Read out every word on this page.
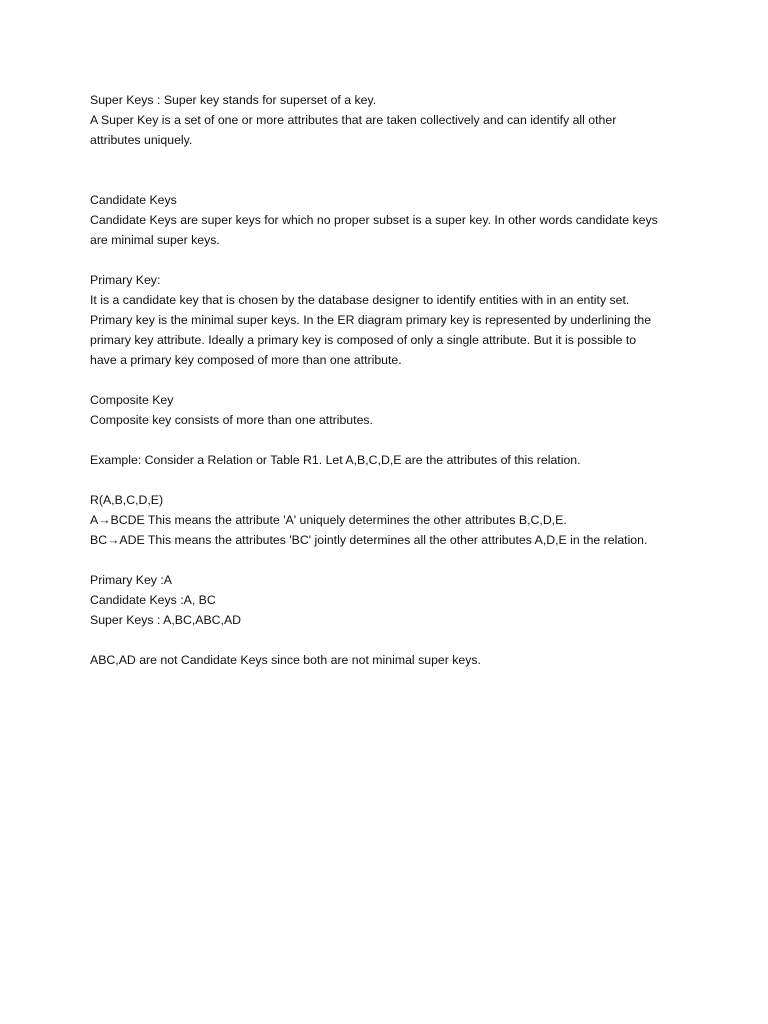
Super Keys : Super key stands for superset of a key.
A Super Key is a set of one or more attributes that are taken collectively and can identify all other
attributes uniquely.
Candidate Keys
Candidate Keys are super keys for which no proper subset is a super key. In other words candidate keys
are minimal super keys.
Primary Key:
It is a candidate key that is chosen by the database designer to identify entities with in an entity set.
Primary key is the minimal super keys. In the ER diagram primary key is represented by underlining the
primary key attribute. Ideally a primary key is composed of only a single attribute. But it is possible to
have a primary key composed of more than one attribute.
Composite Key
Composite key consists of more than one attributes.
Example: Consider a Relation or Table R1. Let A,B,C,D,E are the attributes of this relation.
R(A,B,C,D,E)
A→BCDE This means the attribute 'A' uniquely determines the other attributes B,C,D,E.
BC→ADE This means the attributes 'BC' jointly determines all the other attributes A,D,E in the relation.
Primary Key :A
Candidate Keys :A, BC
Super Keys : A,BC,ABC,AD
ABC,AD are not Candidate Keys since both are not minimal super keys.
